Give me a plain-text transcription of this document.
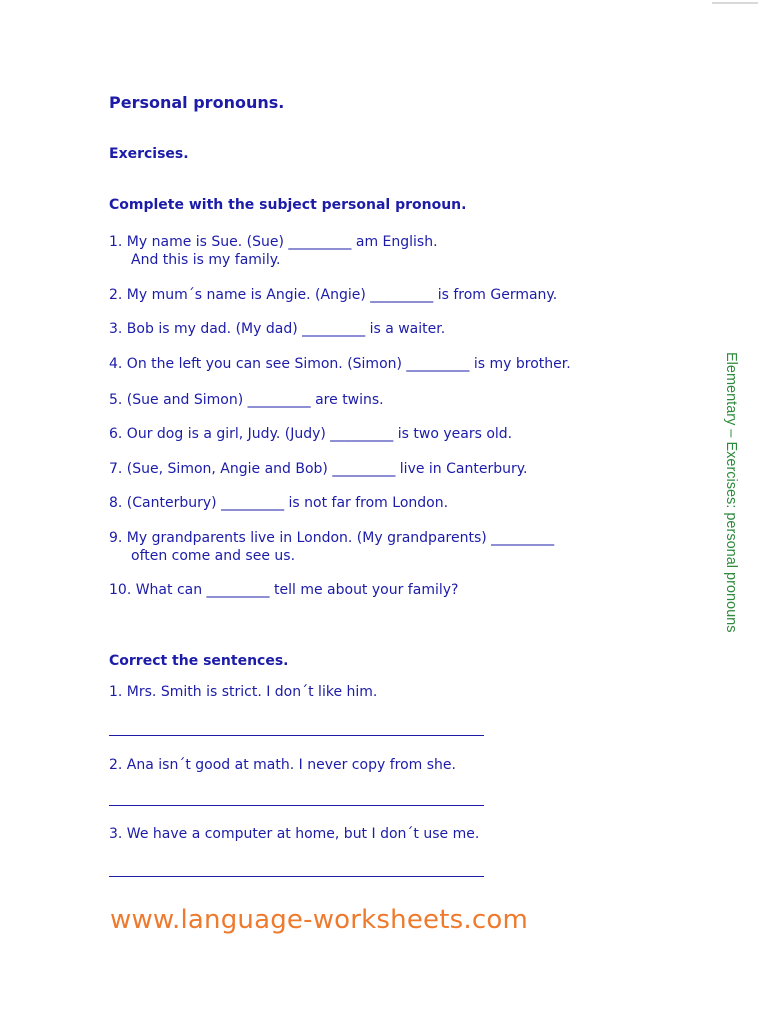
Personal pronouns.
Exercises.
Complete with the subject personal pronoun.
1. My name is Sue. (Sue) _________ am English.
And this is my family.
2. My mum´s name is Angie. (Angie) _________ is from Germany.
3. Bob is my dad. (My dad) _________ is a waiter.
4. On the left you can see Simon. (Simon) _________ is my brother.
5. (Sue and Simon) _________ are twins.
6. Our dog is a girl, Judy. (Judy) _________ is two years old.
7. (Sue, Simon, Angie and Bob) _________ live in Canterbury.
8. (Canterbury) _________ is not far from London.
9. My grandparents live in London. (My grandparents) _________
often come and see us.
10. What can _________ tell me about your family?
Correct the sentences.
1. Mrs. Smith is strict. I don´t like him.
2. Ana isn´t good at math. I never copy from she.
3. We have a computer at home, but I don´t use me.
Elementary – Exercises: personal pronouns
www.language-worksheets.com
